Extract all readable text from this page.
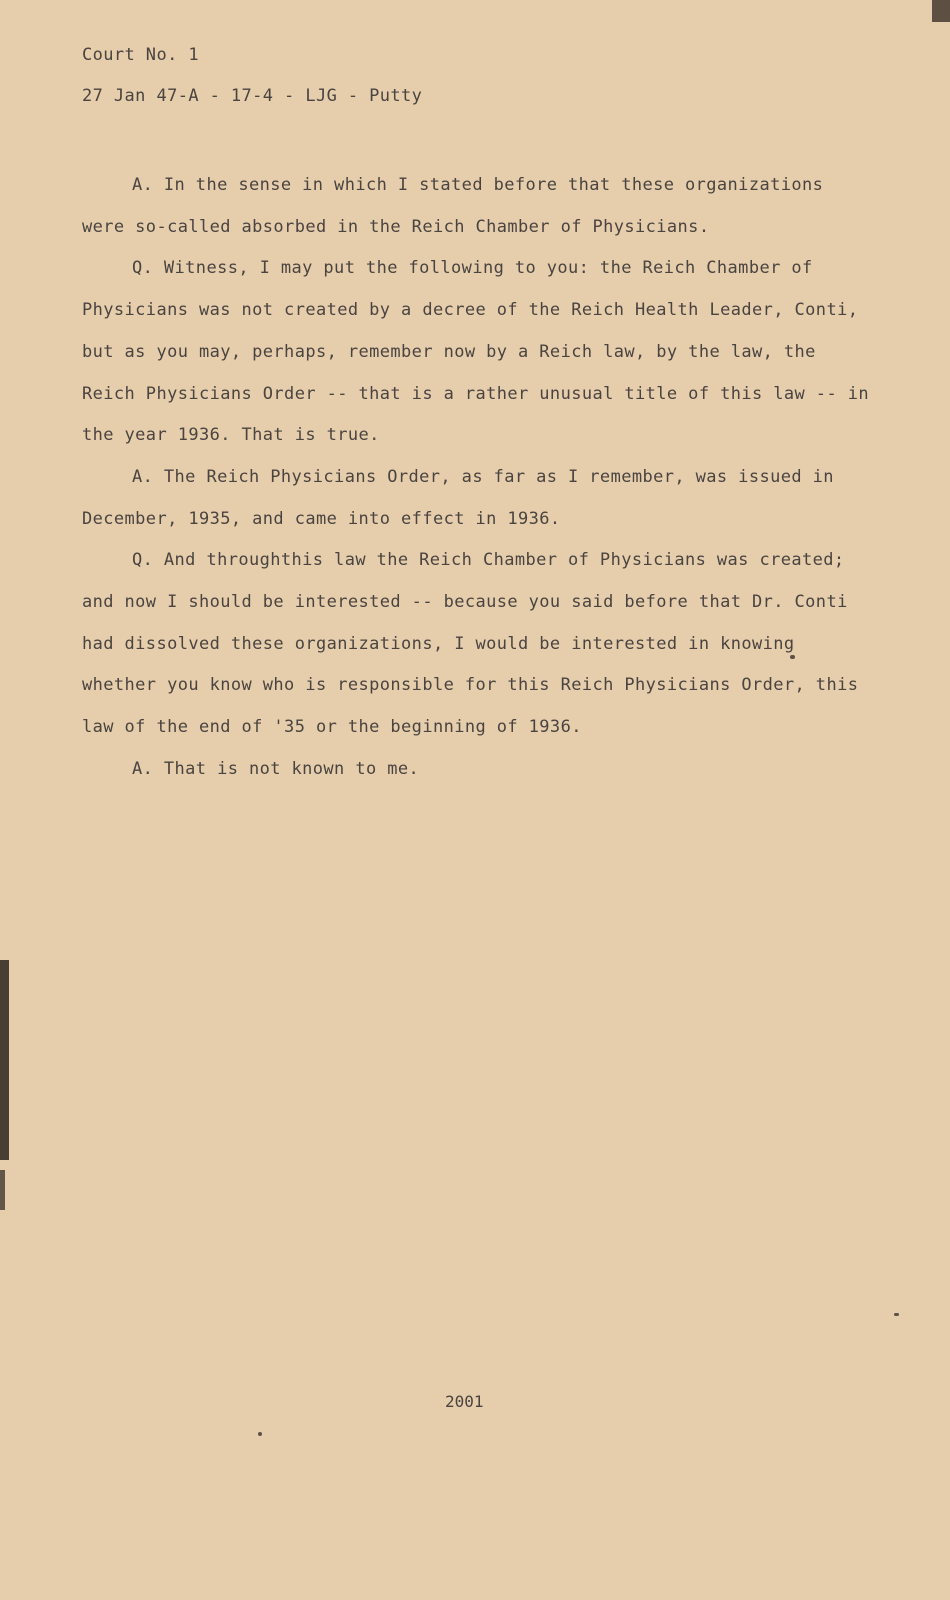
Court No. 1
27 Jan 47-A - 17-4 - LJG - Putty

A. In the sense in which I stated before that these organizations were so-called absorbed in the Reich Chamber of Physicians.

Q. Witness, I may put the following to you: the Reich Chamber of Physicians was not created by a decree of the Reich Health Leader, Conti, but as you may, perhaps, remember now by a Reich law, by the law, the Reich Physicians Order -- that is a rather unusual title of this law -- in the year 1936. That is true.

A. The Reich Physicians Order, as far as I remember, was issued in December, 1935, and came into effect in 1936.

Q. And throughthis law the Reich Chamber of Physicians was created; and now I should be interested -- because you said before that Dr. Conti had dissolved these organizations, I would be interested in knowing whether you know who is responsible for this Reich Physicians Order, this law of the end of '35 or the beginning of 1936.

A. That is not known to me.

2001
